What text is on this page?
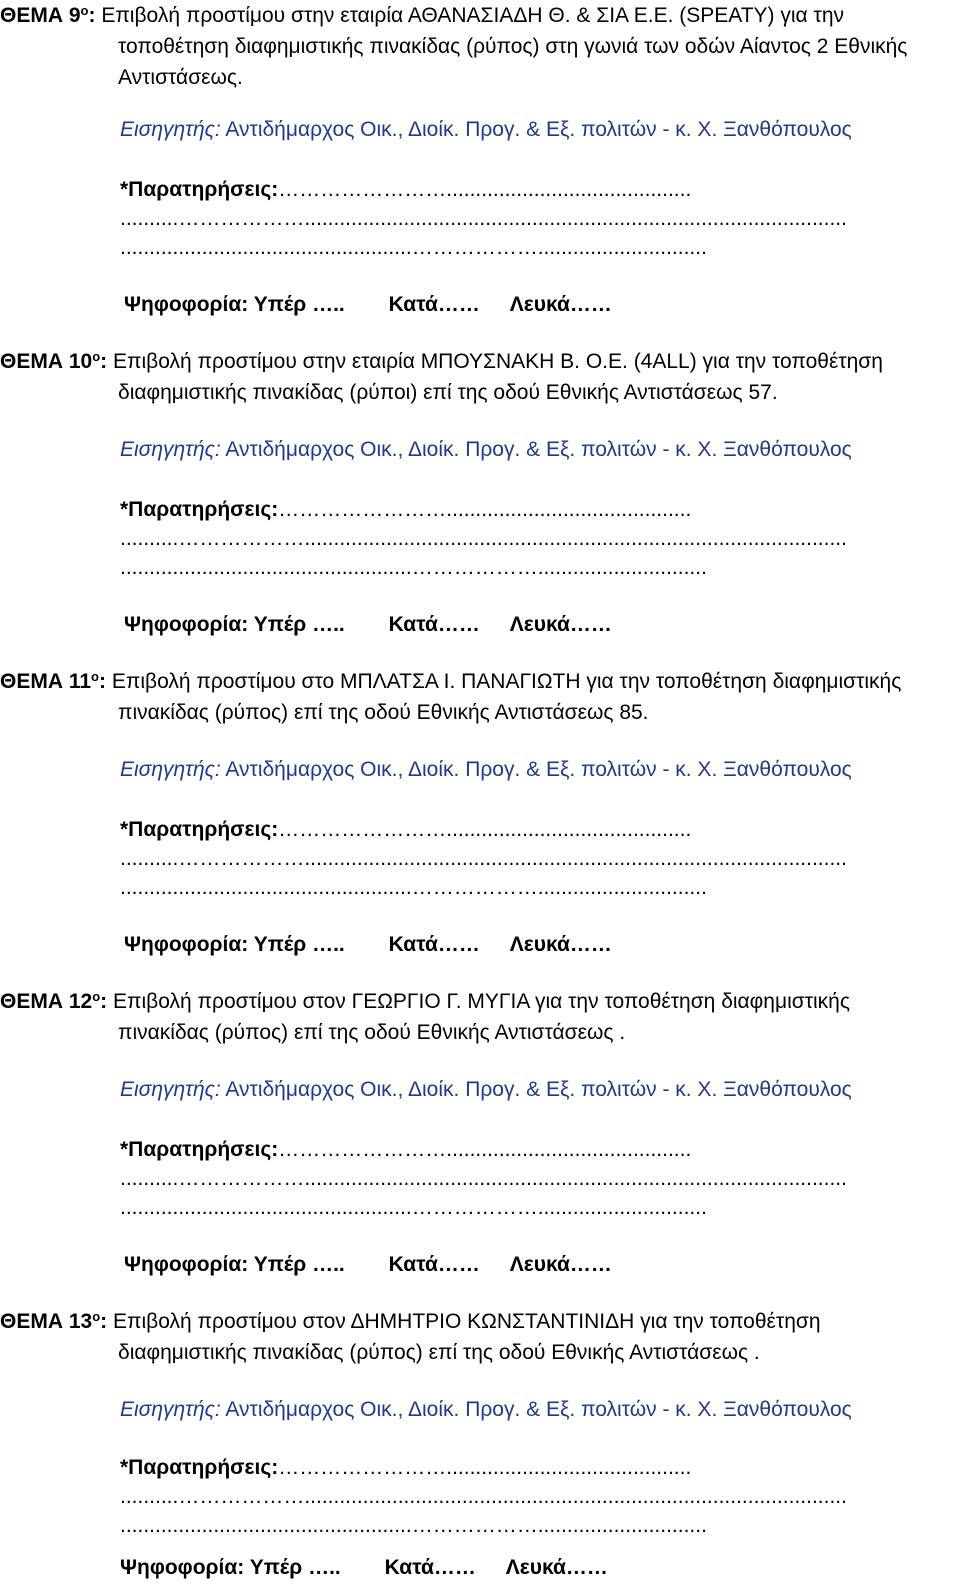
ΘΕΜΑ $9^o$: Επιβολή προστίμου στην εταιρία ΑΘΑΝΑΣΙΑΔΗ Θ. & ΣΙΑ Ε.Ε. (SPEATY) για την
τοποθέτηση διαφημιστικής πινακίδας (ρύπος) στη γωνιά των οδών Αίαντος 2 Εθνικής Αντιστάσεως.
Εισηγητής: Αντιδήμαρχος Οικ., Διοίκ. Προγ. & Εξ. πολιτών - κ. Χ. Ξανθόπουλος
*Παρατηρήσεις:……………………..........................................
..........……………….............................................................................................
..................................................……………….............................
Ψηφοφορία: Υπέρ ….. Κατά…… Λευκά……
ΘΕΜΑ $10^o$: Επιβολή προστίμου στην εταιρία ΜΠΟΥΣΝΑΚΗ Β. Ο.Ε. (4ALL) για την τοποθέτηση
διαφημιστικής πινακίδας (ρύποι) επί της οδού Εθνικής Αντιστάσεως 57.
Εισηγητής: Αντιδήμαρχος Οικ., Διοίκ. Προγ. & Εξ. πολιτών - κ. Χ. Ξανθόπουλος
*Παρατηρήσεις:……………………..........................................
..........……………….............................................................................................
..................................................……………….............................
Ψηφοφορία: Υπέρ ….. Κατά…… Λευκά……
ΘΕΜΑ $11^o$: Επιβολή προστίμου στο ΜΠΛΑΤΣΑ Ι. ΠΑΝΑΓΙΩΤΗ για την τοποθέτηση διαφημιστικής
πινακίδας (ρύπος) επί της οδού Εθνικής Αντιστάσεως 85.
Εισηγητής: Αντιδήμαρχος Οικ., Διοίκ. Προγ. & Εξ. πολιτών - κ. Χ. Ξανθόπουλος
*Παρατηρήσεις:……………………..........................................
..........……………….............................................................................................
..................................................……………….............................
Ψηφοφορία: Υπέρ ….. Κατά…… Λευκά……
ΘΕΜΑ $12^o$: Επιβολή προστίμου στον ΓΕΩΡΓΙΟ Γ. ΜΥΓΙΑ για την τοποθέτηση διαφημιστικής
πινακίδας (ρύπος) επί της οδού Εθνικής Αντιστάσεως .
Εισηγητής: Αντιδήμαρχος Οικ., Διοίκ. Προγ. & Εξ. πολιτών - κ. Χ. Ξανθόπουλος
*Παρατηρήσεις:……………………..........................................
..........……………….............................................................................................
..................................................……………….............................
Ψηφοφορία: Υπέρ ….. Κατά…… Λευκά……
ΘΕΜΑ $13^o$: Επιβολή προστίμου στον ΔΗΜΗΤΡΙΟ ΚΩΝΣΤΑΝΤΙΝΙΔΗ για την τοποθέτηση
διαφημιστικής πινακίδας (ρύπος) επί της οδού Εθνικής Αντιστάσεως .
Εισηγητής: Αντιδήμαρχος Οικ., Διοίκ. Προγ. & Εξ. πολιτών - κ. Χ. Ξανθόπουλος
*Παρατηρήσεις:……………………..........................................
..........……………….............................................................................................
..................................................……………….............................
Ψηφοφορία: Υπέρ ….. Κατά…… Λευκά……
